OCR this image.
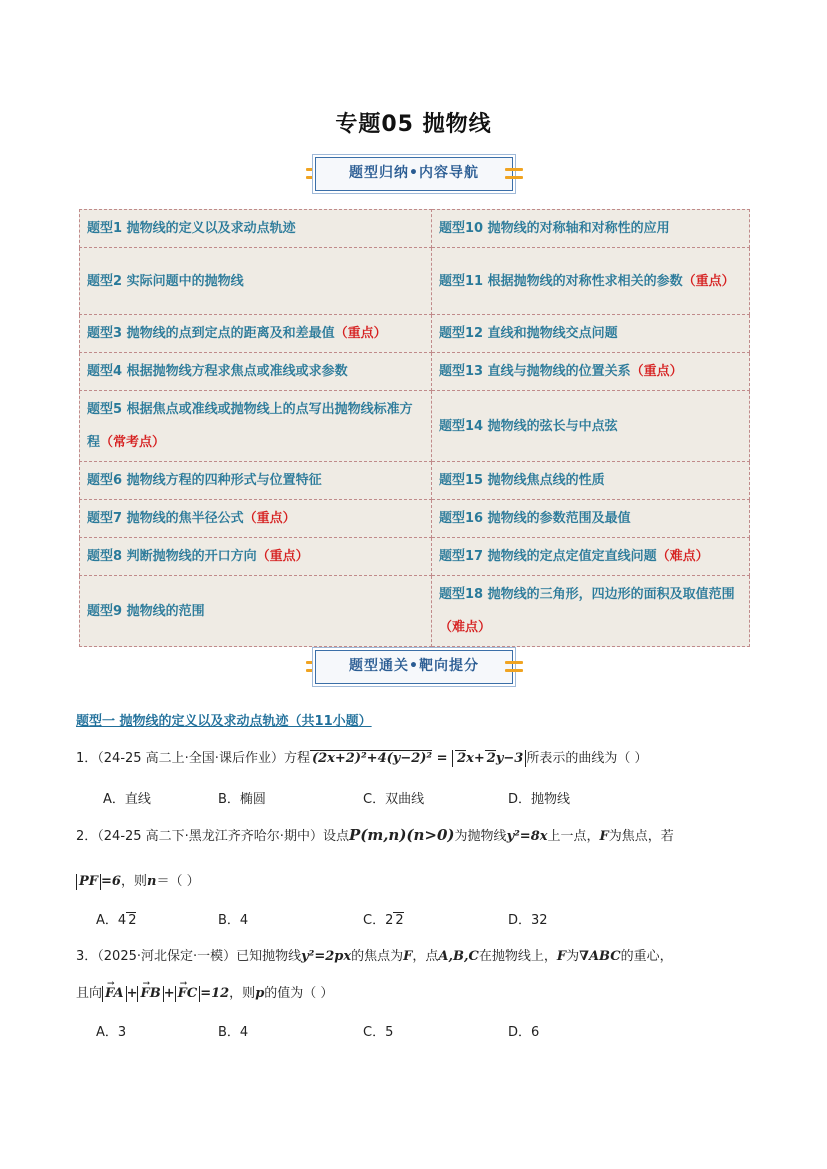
专题05 抛物线
题型归纳•内容导航
题型1 抛物线的定义以及求动点轨迹	题型10 抛物线的对称轴和对称性的应用
题型2 实际问题中的抛物线	题型11 根据抛物线的对称性求相关的参数（重点）
题型3 抛物线的点到定点的距离及和差最值（重点）	题型12 直线和抛物线交点问题
题型4 根据抛物线方程求焦点或准线或求参数	题型13 直线与抛物线的位置关系（重点）
题型5 根据焦点或准线或抛物线上的点写出抛物线标准方程（常考点）	题型14 抛物线的弦长与中点弦
题型6 抛物线方程的四种形式与位置特征	题型15 抛物线焦点线的性质
题型7 抛物线的焦半径公式（重点）	题型16 抛物线的参数范围及最值
题型8 判断抛物线的开口方向（重点）	题型17 抛物线的定点定值定直线问题（难点）
题型9 抛物线的范围	题型18 抛物线的三角形，四边形的面积及取值范围（难点）
题型通关•靶向提分
题型一 抛物线的定义以及求动点轨迹（共11小题）
1．（24-25 高二上·全国·课后作业）方程 (2x+2)²+4(y−2)² = 2x+ 2y−3 所表示的曲线为（ ）
A．直线	B．椭圆	C．双曲线	D．抛物线
2．（24-25 高二下·黑龙江齐齐哈尔·期中）设点P(m,n)(n>0)为抛物线y²=8x上一点，F为焦点，若
PF =6，则n＝（ ）
A．4 2	B．4	C．2 2	D．32
3．（2025·河北保定·一模）已知抛物线y²=2px的焦点为F，点A,B,C在抛物线上，F为∇ABC的重心，
且向 → FA + → FB + → FC =12，则p的值为（ ）
A．3	B．4	C．5	D．6
